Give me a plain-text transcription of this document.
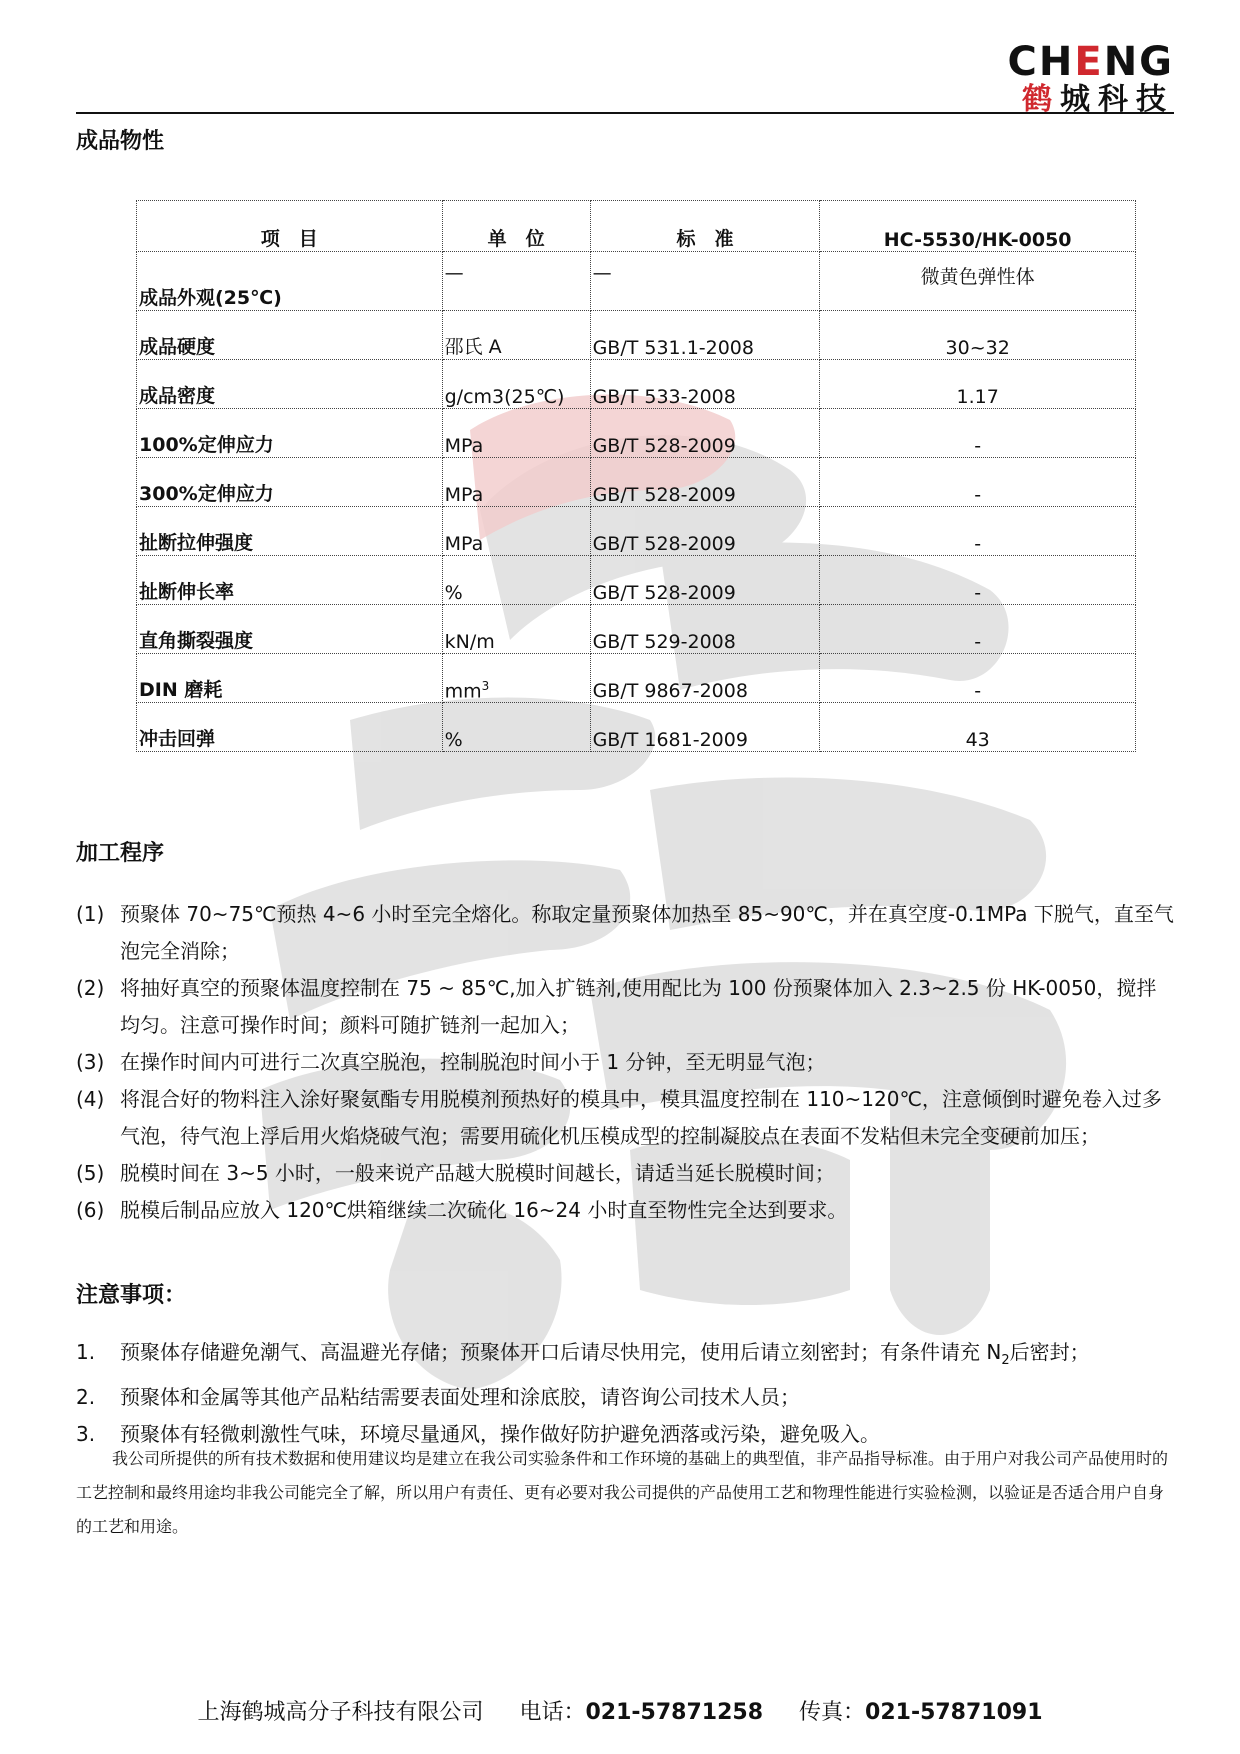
CHENG
鹤城科技
成品物性
项　目	单　位	标　准	HC-5530/HK-0050
成品外观(25℃)	—	—	微黄色弹性体
成品硬度	邵氏 A	GB/T 531.1-2008	30~32
成品密度	g/cm3(25℃)	GB/T 533-2008	1.17
100%定伸应力	MPa	GB/T 528-2009	-
300%定伸应力	MPa	GB/T 528-2009	-
扯断拉伸强度	MPa	GB/T 528-2009	-
扯断伸长率	%	GB/T 528-2009	-
直角撕裂强度	kN/m	GB/T 529-2008	-
DIN 磨耗	$mm^3$	GB/T 9867-2008	-
冲击回弹	%	GB/T 1681-2009	43
加工程序
(1) 预聚体 70~75℃预热 4~6 小时至完全熔化。称取定量预聚体加热至 85~90℃，并在真空度-0.1MPa 下脱气，直至气泡完全消除；
(2) 将抽好真空的预聚体温度控制在 75 ~ 85℃,加入扩链剂,使用配比为 100 份预聚体加入 2.3~2.5 份 HK-0050，搅拌均匀。注意可操作时间；颜料可随扩链剂一起加入；
(3) 在操作时间内可进行二次真空脱泡，控制脱泡时间小于 1 分钟，至无明显气泡；
(4) 将混合好的物料注入涂好聚氨酯专用脱模剂预热好的模具中，模具温度控制在 110~120℃，注意倾倒时避免卷入过多气泡，待气泡上浮后用火焰烧破气泡；需要用硫化机压模成型的控制凝胶点在表面不发粘但未完全变硬前加压；
(5) 脱模时间在 3~5 小时，一般来说产品越大脱模时间越长，请适当延长脱模时间；
(6) 脱模后制品应放入 120℃烘箱继续二次硫化 16~24 小时直至物性完全达到要求。
注意事项：
1. 预聚体存储避免潮气、高温避光存储；预聚体开口后请尽快用完，使用后请立刻密封；有条件请充 $N_2$后密封；
2. 预聚体和金属等其他产品粘结需要表面处理和涂底胶，请咨询公司技术人员；
3. 预聚体有轻微刺激性气味，环境尽量通风，操作做好防护避免洒落或污染，避免吸入。
我公司所提供的所有技术数据和使用建议均是建立在我公司实验条件和工作环境的基础上的典型值，非产品指导标准。由于用户对我公司产品使用时的工艺控制和最终用途均非我公司能完全了解，所以用户有责任、更有必要对我公司提供的产品使用工艺和物理性能进行实验检测，以验证是否适合用户自身的工艺和用途。
上海鹤城高分子科技有限公司 电话：021-57871258 传真：021-57871091
